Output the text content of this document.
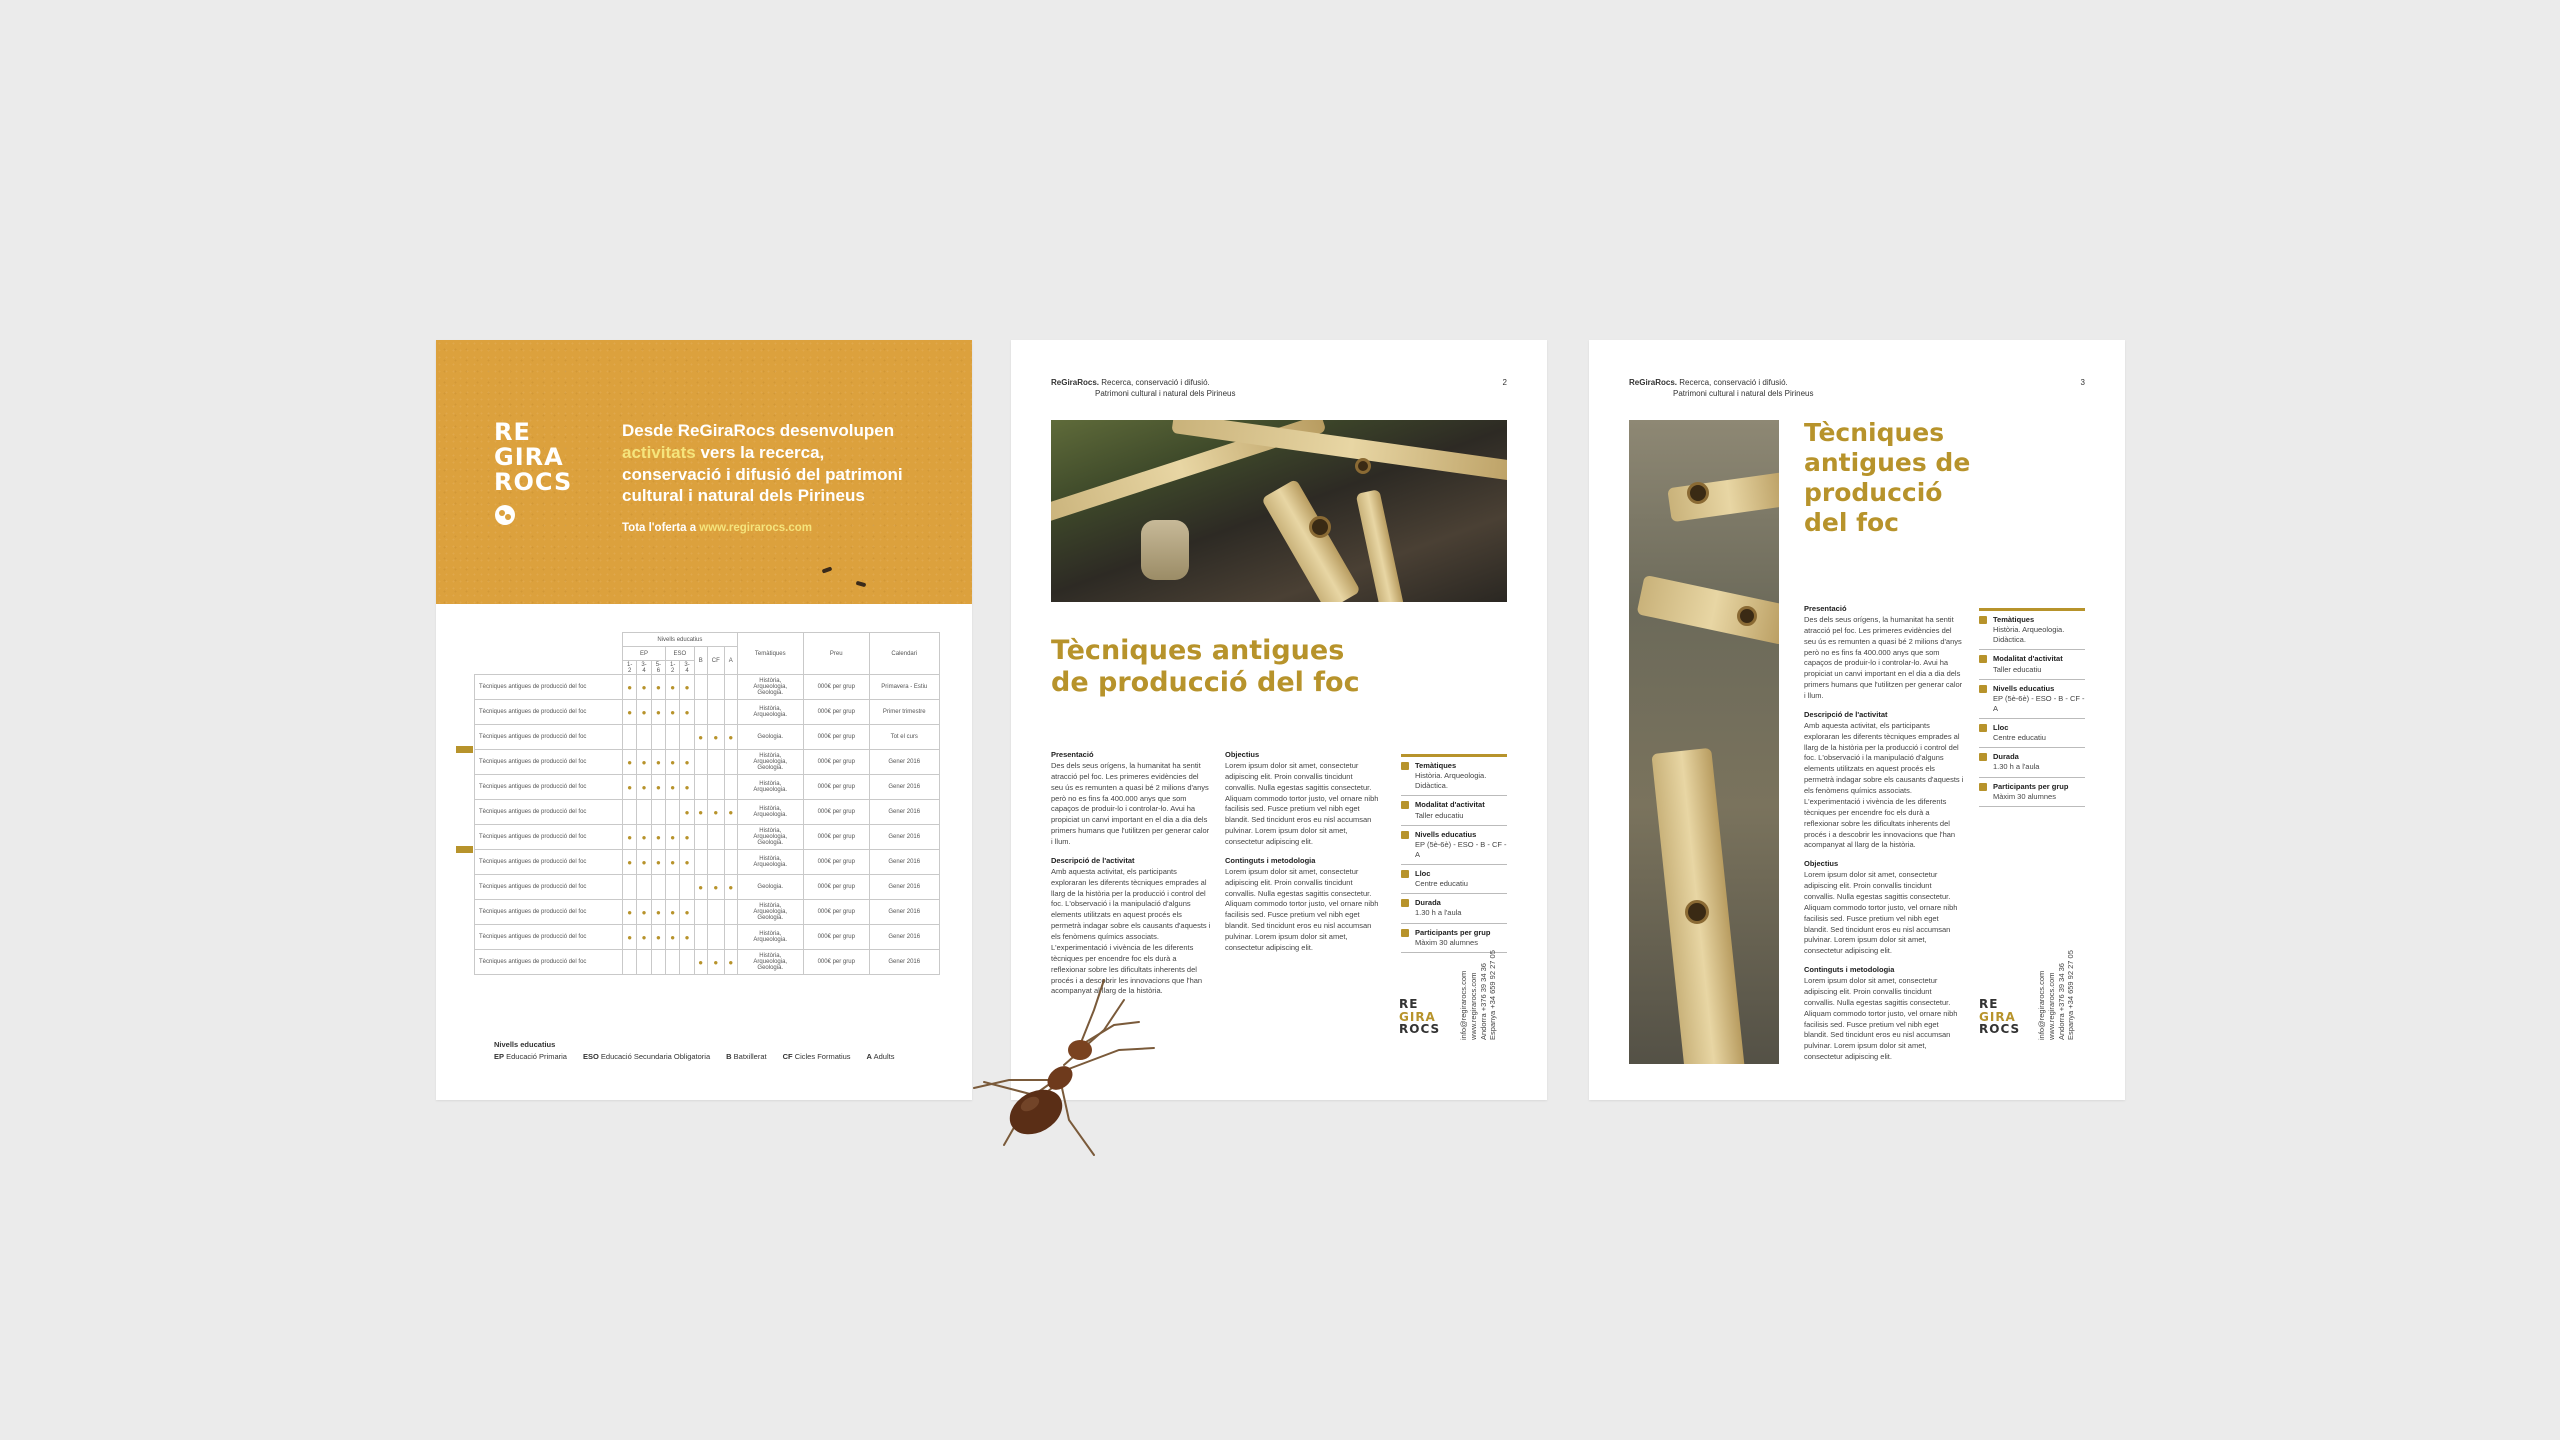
RE
GIRA
ROCS
Desde ReGiraRocs desenvolupen activitats vers la recerca, conservació i difusió del patrimoni cultural i natural dels Pirineus
Tota l'oferta a www.regirarocs.com
	Nivells educatius								Temàtiques	Preu	Calendari
	EP			ESO		B	CF	A			
	1-2	3-4	5-6	1-2	3-4						
Tècniques antigues de producció del foc	●	●	●	●	●				Història, Arqueologia, Geologia.	000€ per grup	Primavera - Estiu
Tècniques antigues de producció del foc	●	●	●	●	●				Història, Arqueologia.	000€ per grup	Primer trimestre
Tècniques antigues de producció del foc						●	●	●	Geologia.	000€ per grup	Tot el curs
Tècniques antigues de producció del foc	●	●	●	●	●				Història, Arqueologia, Geologia.	000€ per grup	Gener 2016
Tècniques antigues de producció del foc	●	●	●	●	●				Història, Arqueologia.	000€ per grup	Gener 2016
Tècniques antigues de producció del foc					●	●	●	●	Història, Arqueologia.	000€ per grup	Gener 2016
Tècniques antigues de producció del foc	●	●	●	●	●				Història, Arqueologia, Geologia.	000€ per grup	Gener 2016
Tècniques antigues de producció del foc	●	●	●	●	●				Història, Arqueologia.	000€ per grup	Gener 2016
Tècniques antigues de producció del foc						●	●	●	Geologia.	000€ per grup	Gener 2016
Tècniques antigues de producció del foc	●	●	●	●	●				Història, Arqueologia, Geologia.	000€ per grup	Gener 2016
Tècniques antigues de producció del foc	●	●	●	●	●				Història, Arqueologia.	000€ per grup	Gener 2016
Tècniques antigues de producció del foc						●	●	●	Història, Arqueologia, Geologia.	000€ per grup	Gener 2016
Nivells educatius
EP Educació Primaria ESO Educació Secundaria Obligatoria B Batxillerat CF Cicles Formatius A Adults
ReGiraRocs. Recerca, conservació i difusió.
Patrimoni cultural i natural dels Pirineus
2
Tècniques antigues de producció del foc
Presentació
Des dels seus orígens, la humanitat ha sentit atracció pel foc. Les primeres evidències del seu ús es remunten a quasi bé 2 milions d'anys però no es fins fa 400.000 anys que som capaços de produir-lo i controlar-lo. Avui ha propiciat un canvi important en el dia a dia dels primers humans que l'utilitzen per generar calor i llum.
Descripció de l'activitat
Amb aquesta activitat, els participants exploraran les diferents tècniques emprades al llarg de la història per la producció i control del foc. L'observació i la manipulació d'alguns elements utilitzats en aquest procés els permetrà indagar sobre els causants d'aquests i els fenòmens químics associats. L'experimentació i vivència de les diferents tècniques per encendre foc els durà a reflexionar sobre les dificultats inherents del procés i a descobrir les innovacions que l'han acompanyat al llarg de la història.
Objectius
Lorem ipsum dolor sit amet, consectetur adipiscing elit. Proin convallis tincidunt convallis. Nulla egestas sagittis consectetur. Aliquam commodo tortor justo, vel ornare nibh facilisis sed. Fusce pretium vel nibh eget blandit. Sed tincidunt eros eu nisl accumsan pulvinar. Lorem ipsum dolor sit amet, consectetur adipiscing elit.
Continguts i metodologia
Lorem ipsum dolor sit amet, consectetur adipiscing elit. Proin convallis tincidunt convallis. Nulla egestas sagittis consectetur. Aliquam commodo tortor justo, vel ornare nibh facilisis sed. Fusce pretium vel nibh eget blandit. Sed tincidunt eros eu nisl accumsan pulvinar. Lorem ipsum dolor sit amet, consectetur adipiscing elit.
Temàtiques
Història. Arqueologia. Didàctica.
Modalitat d'activitat
Taller educatiu
Nivells educatius
EP (5è-6è) - ESO - B - CF - A
Lloc
Centre educatiu
Durada
1.30 h a l'aula
Participants per grup
Màxim 30 alumnes
RE
GIRA
ROCS	info@regirarocs.com www.regirarocs.com Andorra +376 39 34 36 Espanya +34 659 92 27 05
ReGiraRocs. Recerca, conservació i difusió.
Patrimoni cultural i natural dels Pirineus
3
Tècniques antigues de producció del foc
Presentació
Des dels seus orígens, la humanitat ha sentit atracció pel foc. Les primeres evidències del seu ús es remunten a quasi bé 2 milions d'anys però no es fins fa 400.000 anys que som capaços de produir-lo i controlar-lo. Avui ha propiciat un canvi important en el dia a dia dels primers humans que l'utilitzen per generar calor i llum.
Descripció de l'activitat
Amb aquesta activitat, els participants exploraran les diferents tècniques emprades al llarg de la història per la producció i control del foc. L'observació i la manipulació d'alguns elements utilitzats en aquest procés els permetrà indagar sobre els causants d'aquests i els fenòmens químics associats. L'experimentació i vivència de les diferents tècniques per encendre foc els durà a reflexionar sobre les dificultats inherents del procés i a descobrir les innovacions que l'han acompanyat al llarg de la història.
Objectius
Lorem ipsum dolor sit amet, consectetur adipiscing elit. Proin convallis tincidunt convallis. Nulla egestas sagittis consectetur. Aliquam commodo tortor justo, vel ornare nibh facilisis sed. Fusce pretium vel nibh eget blandit. Sed tincidunt eros eu nisl accumsan pulvinar. Lorem ipsum dolor sit amet, consectetur adipiscing elit.
Continguts i metodologia
Lorem ipsum dolor sit amet, consectetur adipiscing elit. Proin convallis tincidunt convallis. Nulla egestas sagittis consectetur. Aliquam commodo tortor justo, vel ornare nibh facilisis sed. Fusce pretium vel nibh eget blandit. Sed tincidunt eros eu nisl accumsan pulvinar. Lorem ipsum dolor sit amet, consectetur adipiscing elit.
Temàtiques
Història. Arqueologia. Didàctica.
Modalitat d'activitat
Taller educatiu
Nivells educatius
EP (5è-6è) - ESO - B - CF - A
Lloc
Centre educatiu
Durada
1.30 h a l'aula
Participants per grup
Màxim 30 alumnes
RE
GIRA
ROCS info@regirarocs.com www.regirarocs.com Andorra +376 39 34 36 Espanya +34 659 92 27 05
